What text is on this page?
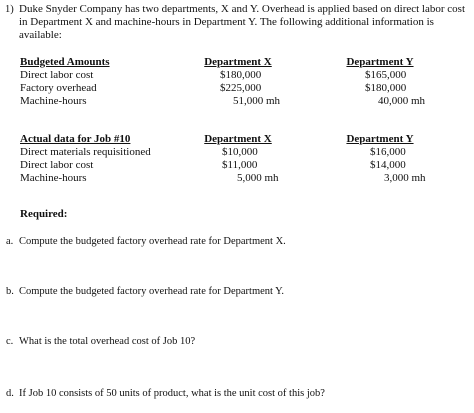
1) Duke Snyder Company has two departments, X and Y. Overhead is applied based on direct labor cost in Department X and machine-hours in Department Y. The following additional information is available:
Budgeted Amounts	Department X	Department Y
Direct labor cost	$180,000	$165,000
Factory overhead	$225,000	$180,000
Machine-hours	51,000 mh	40,000 mh
Actual data for Job #10	Department X	Department Y
Direct materials requisitioned	$10,000	$16,000
Direct labor cost	$11,000	$14,000
Machine-hours	5,000 mh	3,000 mh
Required:
a. Compute the budgeted factory overhead rate for Department X.
b. Compute the budgeted factory overhead rate for Department Y.
c. What is the total overhead cost of Job 10?
d. If Job 10 consists of 50 units of product, what is the unit cost of this job?
